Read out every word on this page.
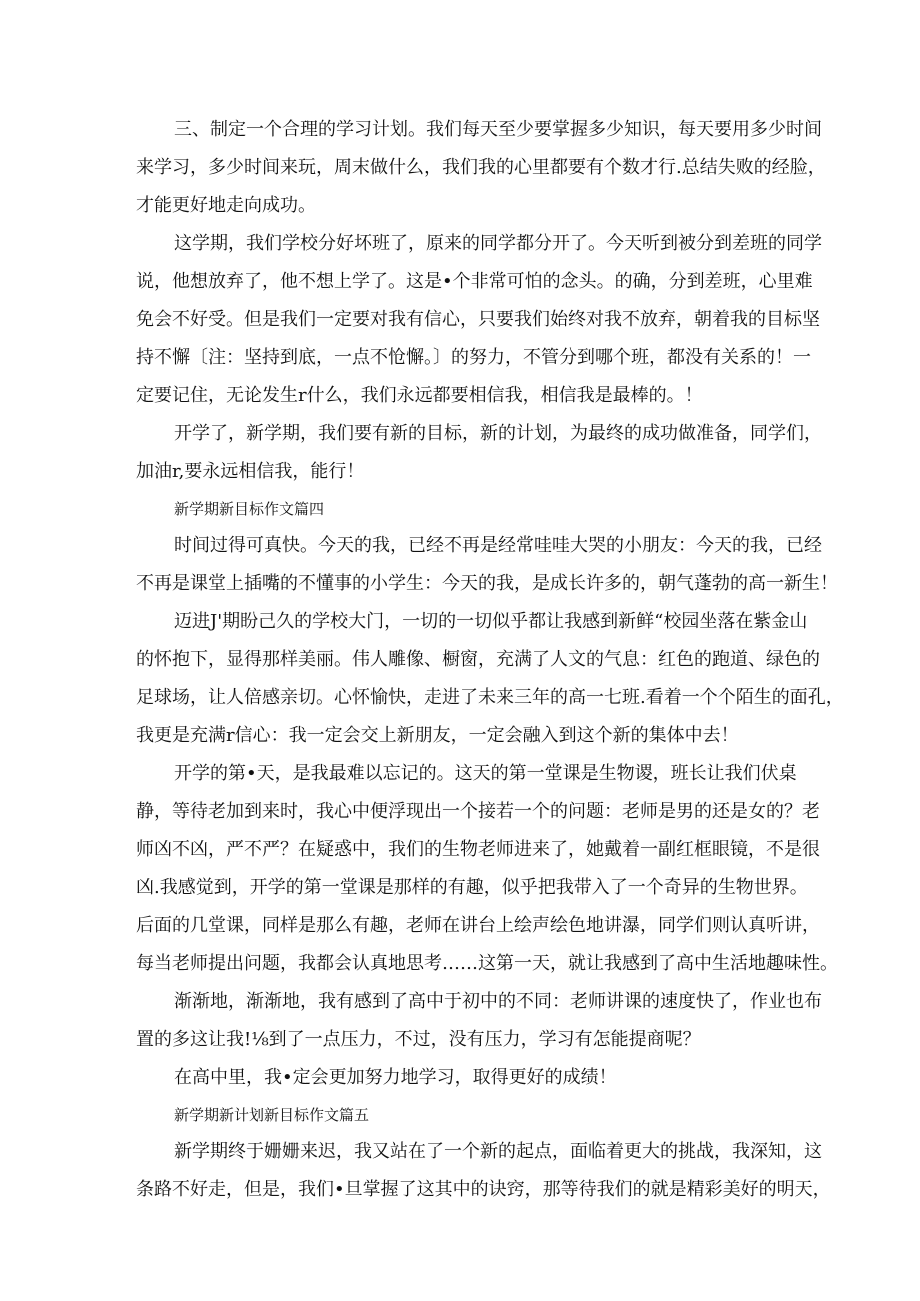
三、制定一个合理的学习计划。我们每天至少要掌握多少知识，每天要用多少时间
来学习，多少时间来玩，周末做什么，我们我的心里都要有个数才行.总结失败的经脸，
才能更好地走向成功。
这学期，我们学校分好坏班了，原来的同学都分开了。今天听到被分到差班的同学
说，他想放弃了，他不想上学了。这是•个非常可怕的念头。的确，分到差班，心里难
免会不好受。但是我们一定要对我有信心，只要我们始终对我不放弃，朝着我的目标坚
持不懈〔注：坚持到底，一点不怆懈。〕的努力，不管分到哪个班，都没有关系的！一
定要记住，无论发生r什么，我们永远都要相信我，相信我是最棒的。！
开学了，新学期，我们要有新的目标，新的计划，为最终的成功做准备，同学们，
加油r,要永远相信我，能行！
新学期新目标作文篇四
时间过得可真快。今天的我，已经不再是经常哇哇大哭的小朋友：今天的我，已经
不再是课堂上插嘴的不懂事的小学生：今天的我，是成长许多的，朝气蓬勃的高一新生！
迈进J'期盼己久的学校大门，一切的一切似乎都让我感到新鲜“校园坐落在紫金山
的怀抱下，显得那样美丽。伟人雕像、橱窗，充满了人文的气息：红色的跑道、绿色的
足球场，让人倍感亲切。心怀愉快，走进了未来三年的高一七班.看着一个个陌生的面孔，
我更是充满r信心：我一定会交上新朋友，一定会融入到这个新的集体中去！
开学的第•天，是我最难以忘记的。这天的第一堂课是生物谡，班长让我们伏桌
静，等待老加到来时，我心中便浮现出一个接若一个的问题：老师是男的还是女的？老
师凶不凶，严不严？在疑惑中，我们的生物老师进来了，她戴着一副红框眼镜，不是很
凶.我感觉到，开学的第一堂课是那样的有趣，似乎把我带入了一个奇异的生物世界。
后面的几堂课，同样是那么有趣，老师在讲台上绘声绘色地讲瀑，同学们则认真听讲，
每当老师提出问题，我都会认真地思考……这第一天，就让我感到了高中生活地趣味性。
渐渐地，渐渐地，我有感到了高中于初中的不同：老师讲课的速度快了，作业也布
置的多这让我!⅛到了一点压力，不过，没有压力，学习有怎能提商呢？
在高中里，我•定会更加努力地学习，取得更好的成绩！
新学期新计划新目标作文篇五
新学期终于姗姗来迟，我又站在了一个新的起点，面临着更大的挑战，我深知，这
条路不好走，但是，我们•旦掌握了这其中的诀窍，那等待我们的就是精彩美好的明天，
